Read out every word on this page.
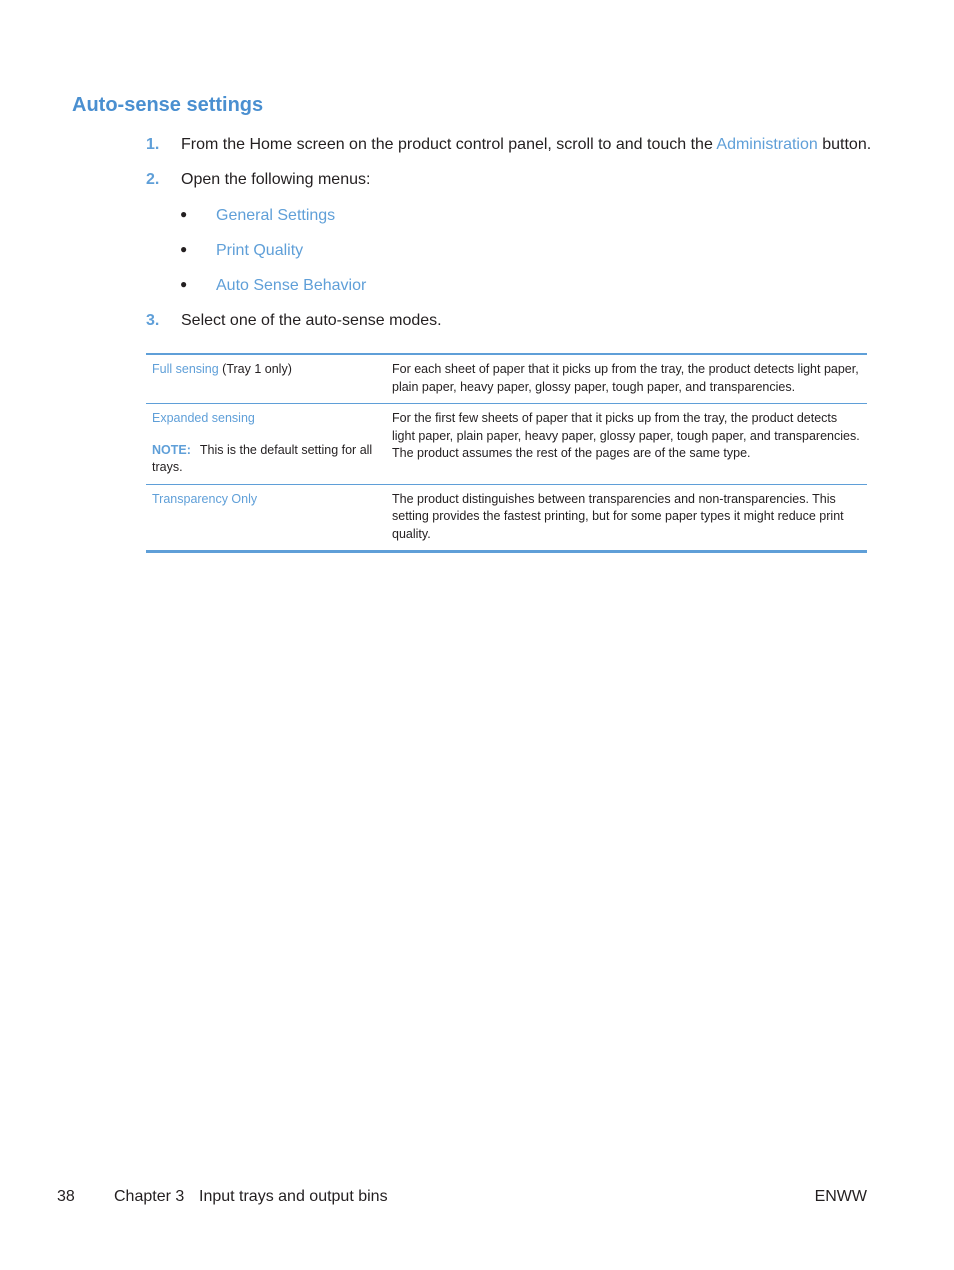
Auto-sense settings
1. From the Home screen on the product control panel, scroll to and touch the Administration button.
2. Open the following menus:
● General Settings
● Print Quality
● Auto Sense Behavior
3. Select one of the auto-sense modes.
Full sensing (Tray 1 only)	For each sheet of paper that it picks up from the tray, the product detects light paper, plain paper, heavy paper, glossy paper, tough paper, and transparencies.
Expanded sensing
NOTE: This is the default setting for all trays.	For the first few sheets of paper that it picks up from the tray, the product detects light paper, plain paper, heavy paper, glossy paper, tough paper, and transparencies. The product assumes the rest of the pages are of the same type.
Transparency Only	The product distinguishes between transparencies and non-transparencies. This setting provides the fastest printing, but for some paper types it might reduce print quality.
38 Chapter 3 Input trays and output bins	ENWW
